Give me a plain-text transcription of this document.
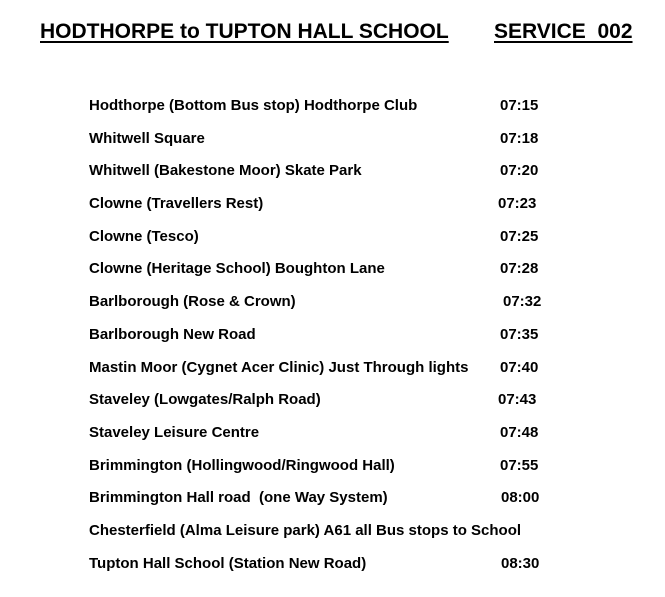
HODTHORPE to TUPTON HALL SCHOOL SERVICE  002
Hodthorpe (Bottom Bus stop) Hodthorpe Club	07:15
Whitwell Square	07:18
Whitwell (Bakestone Moor) Skate Park	07:20
Clowne (Travellers Rest)	07:23
Clowne (Tesco)	07:25
Clowne (Heritage School) Boughton Lane	07:28
Barlborough (Rose & Crown)	07:32
Barlborough New Road	07:35
Mastin Moor (Cygnet Acer Clinic) Just Through lights 07:40
Staveley (Lowgates/Ralph Road)	07:43
Staveley Leisure Centre	07:48
Brimmington (Hollingwood/Ringwood Hall)	07:55
Brimmington Hall road  (one Way System)	08:00
Chesterfield (Alma Leisure park) A61 all Bus stops to School
Tupton Hall School (Station New Road)	08:30
